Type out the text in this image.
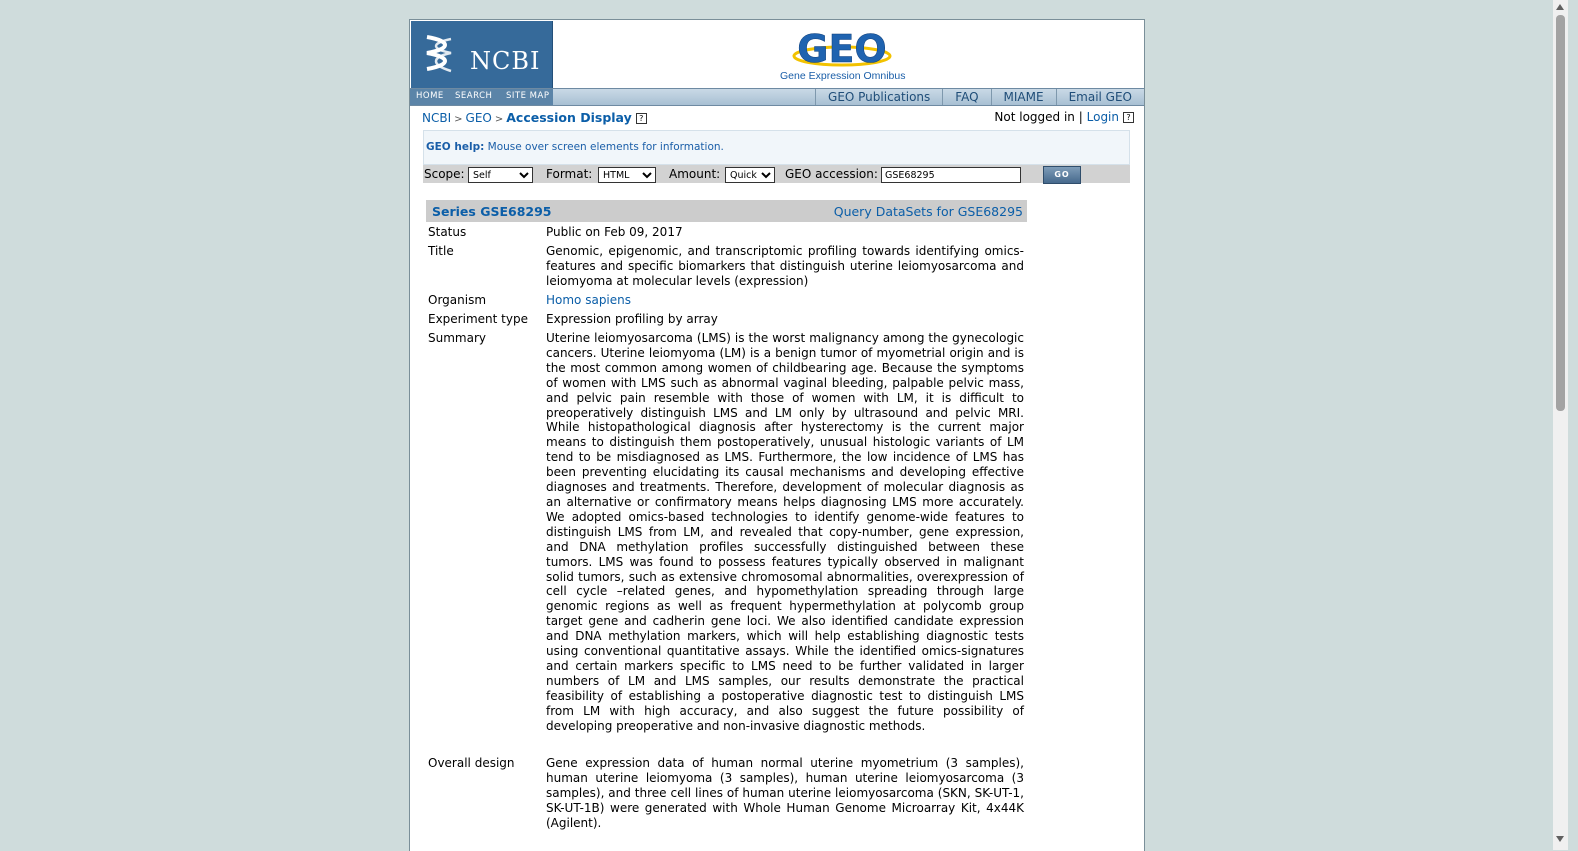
NCBI	GEO
Gene Expression Omnibus
HOME SEARCH SITE MAP	GEO Publications	FAQ	MIAME	Email GEO
NCBI > GEO > Accession Display ?	Not logged in | Login ?
GEO help: Mouse over screen elements for information.
Scope:
Self	Format:
HTML	Amount:
Quick	GEO accession:
GSE68295	GO
Series GSE68295	Query DataSets for GSE68295
Status	Public on Feb 09, 2017
Title	Genomic, epigenomic, and transcriptomic profiling towards identifying omics-features and specific biomarkers that distinguish uterine leiomyosarcoma and leiomyoma at molecular levels (expression)
Organism	Homo sapiens
Experiment type	Expression profiling by array
Summary	Uterine leiomyosarcoma (LMS) is the worst malignancy among the gynecologic cancers. Uterine leiomyoma (LM) is a benign tumor of myometrial origin and is the most common among women of childbearing age. Because the symptoms of women with LMS such as abnormal vaginal bleeding, palpable pelvic mass, and pelvic pain resemble with those of women with LM, it is difficult to preoperatively distinguish LMS and LM only by ultrasound and pelvic MRI. While histopathological diagnosis after hysterectomy is the current major means to distinguish them postoperatively, unusual histologic variants of LM tend to be misdiagnosed as LMS. Furthermore, the low incidence of LMS has been preventing elucidating its causal mechanisms and developing effective diagnoses and treatments. Therefore, development of molecular diagnosis as an alternative or confirmatory means helps diagnosing LMS more accurately. We adopted omics-based technologies to identify genome-wide features to distinguish LMS from LM, and revealed that copy-number, gene expression, and DNA methylation profiles successfully distinguished between these tumors. LMS was found to possess features typically observed in malignant solid tumors, such as extensive chromosomal abnormalities, overexpression of cell cycle –related genes, and hypomethylation spreading through large genomic regions as well as frequent hypermethylation at polycomb group target gene and cadherin gene loci. We also identified candidate expression and DNA methylation markers, which will help establishing diagnostic tests using conventional quantitative assays. While the identified omics-signatures and certain markers specific to LMS need to be further validated in larger numbers of LM and LMS samples, our results demonstrate the practical feasibility of establishing a postoperative diagnostic test to distinguish LMS from LM with high accuracy, and also suggest the future possibility of developing preoperative and non-invasive diagnostic methods.
Overall design	Gene expression data of human normal uterine myometrium (3 samples), human uterine leiomyoma (3 samples), human uterine leiomyosarcoma (3 samples), and three cell lines of human uterine leiomyosarcoma (SKN, SK-UT-1, SK-UT-1B) were generated with Whole Human Genome Microarray Kit, 4x44K (Agilent).
